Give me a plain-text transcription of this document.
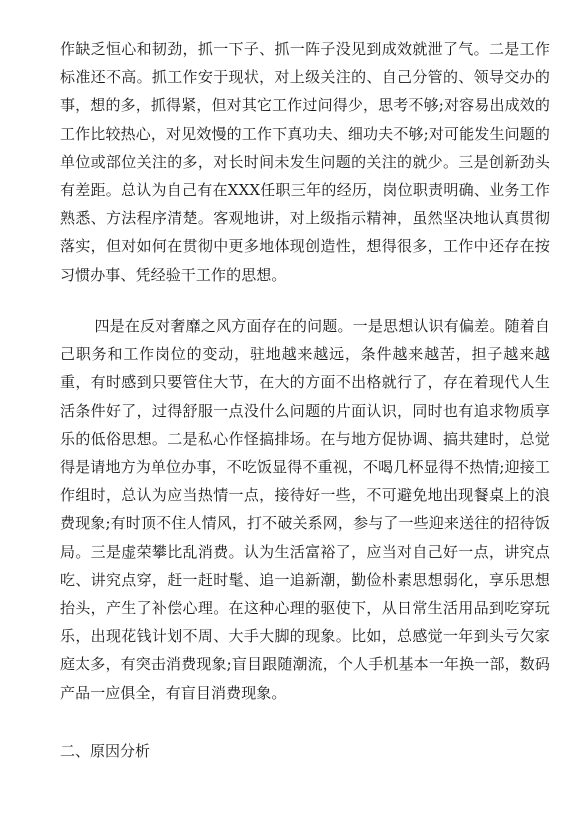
作缺乏恒心和韧劲，抓一下子、抓一阵子没见到成效就泄了气。二是工作标准还不高。抓工作安于现状，对上级关注的、自己分管的、领导交办的事，想的多，抓得紧，但对其它工作过问得少，思考不够;对容易出成效的工作比较热心，对见效慢的工作下真功夫、细功夫不够;对可能发生问题的单位或部位关注的多，对长时间未发生问题的关注的就少。三是创新劲头有差距。总认为自己有在XXX任职三年的经历，岗位职责明确、业务工作熟悉、方法程序清楚。客观地讲，对上级指示精神，虽然坚决地认真贯彻落实，但对如何在贯彻中更多地体现创造性，想得很多，工作中还存在按习惯办事、凭经验干工作的思想。

四是在反对奢靡之风方面存在的问题。一是思想认识有偏差。随着自己职务和工作岗位的变动，驻地越来越远，条件越来越苦，担子越来越重，有时感到只要管住大节，在大的方面不出格就行了，存在着现代人生活条件好了，过得舒服一点没什么问题的片面认识，同时也有追求物质享乐的低俗思想。二是私心作怪搞排场。在与地方促协调、搞共建时，总觉得是请地方为单位办事，不吃饭显得不重视，不喝几杯显得不热情;迎接工作组时，总认为应当热情一点，接待好一些，不可避免地出现餐桌上的浪费现象;有时顶不住人情风，打不破关系网，参与了一些迎来送往的招待饭局。三是虚荣攀比乱消费。认为生活富裕了，应当对自己好一点，讲究点吃、讲究点穿，赶一赶时髦、追一追新潮，勤俭朴素思想弱化，享乐思想抬头，产生了补偿心理。在这种心理的驱使下，从日常生活用品到吃穿玩乐，出现花钱计划不周、大手大脚的现象。比如，总感觉一年到头亏欠家庭太多，有突击消费现象;盲目跟随潮流，个人手机基本一年换一部，数码产品一应俱全，有盲目消费现象。

二、原因分析
